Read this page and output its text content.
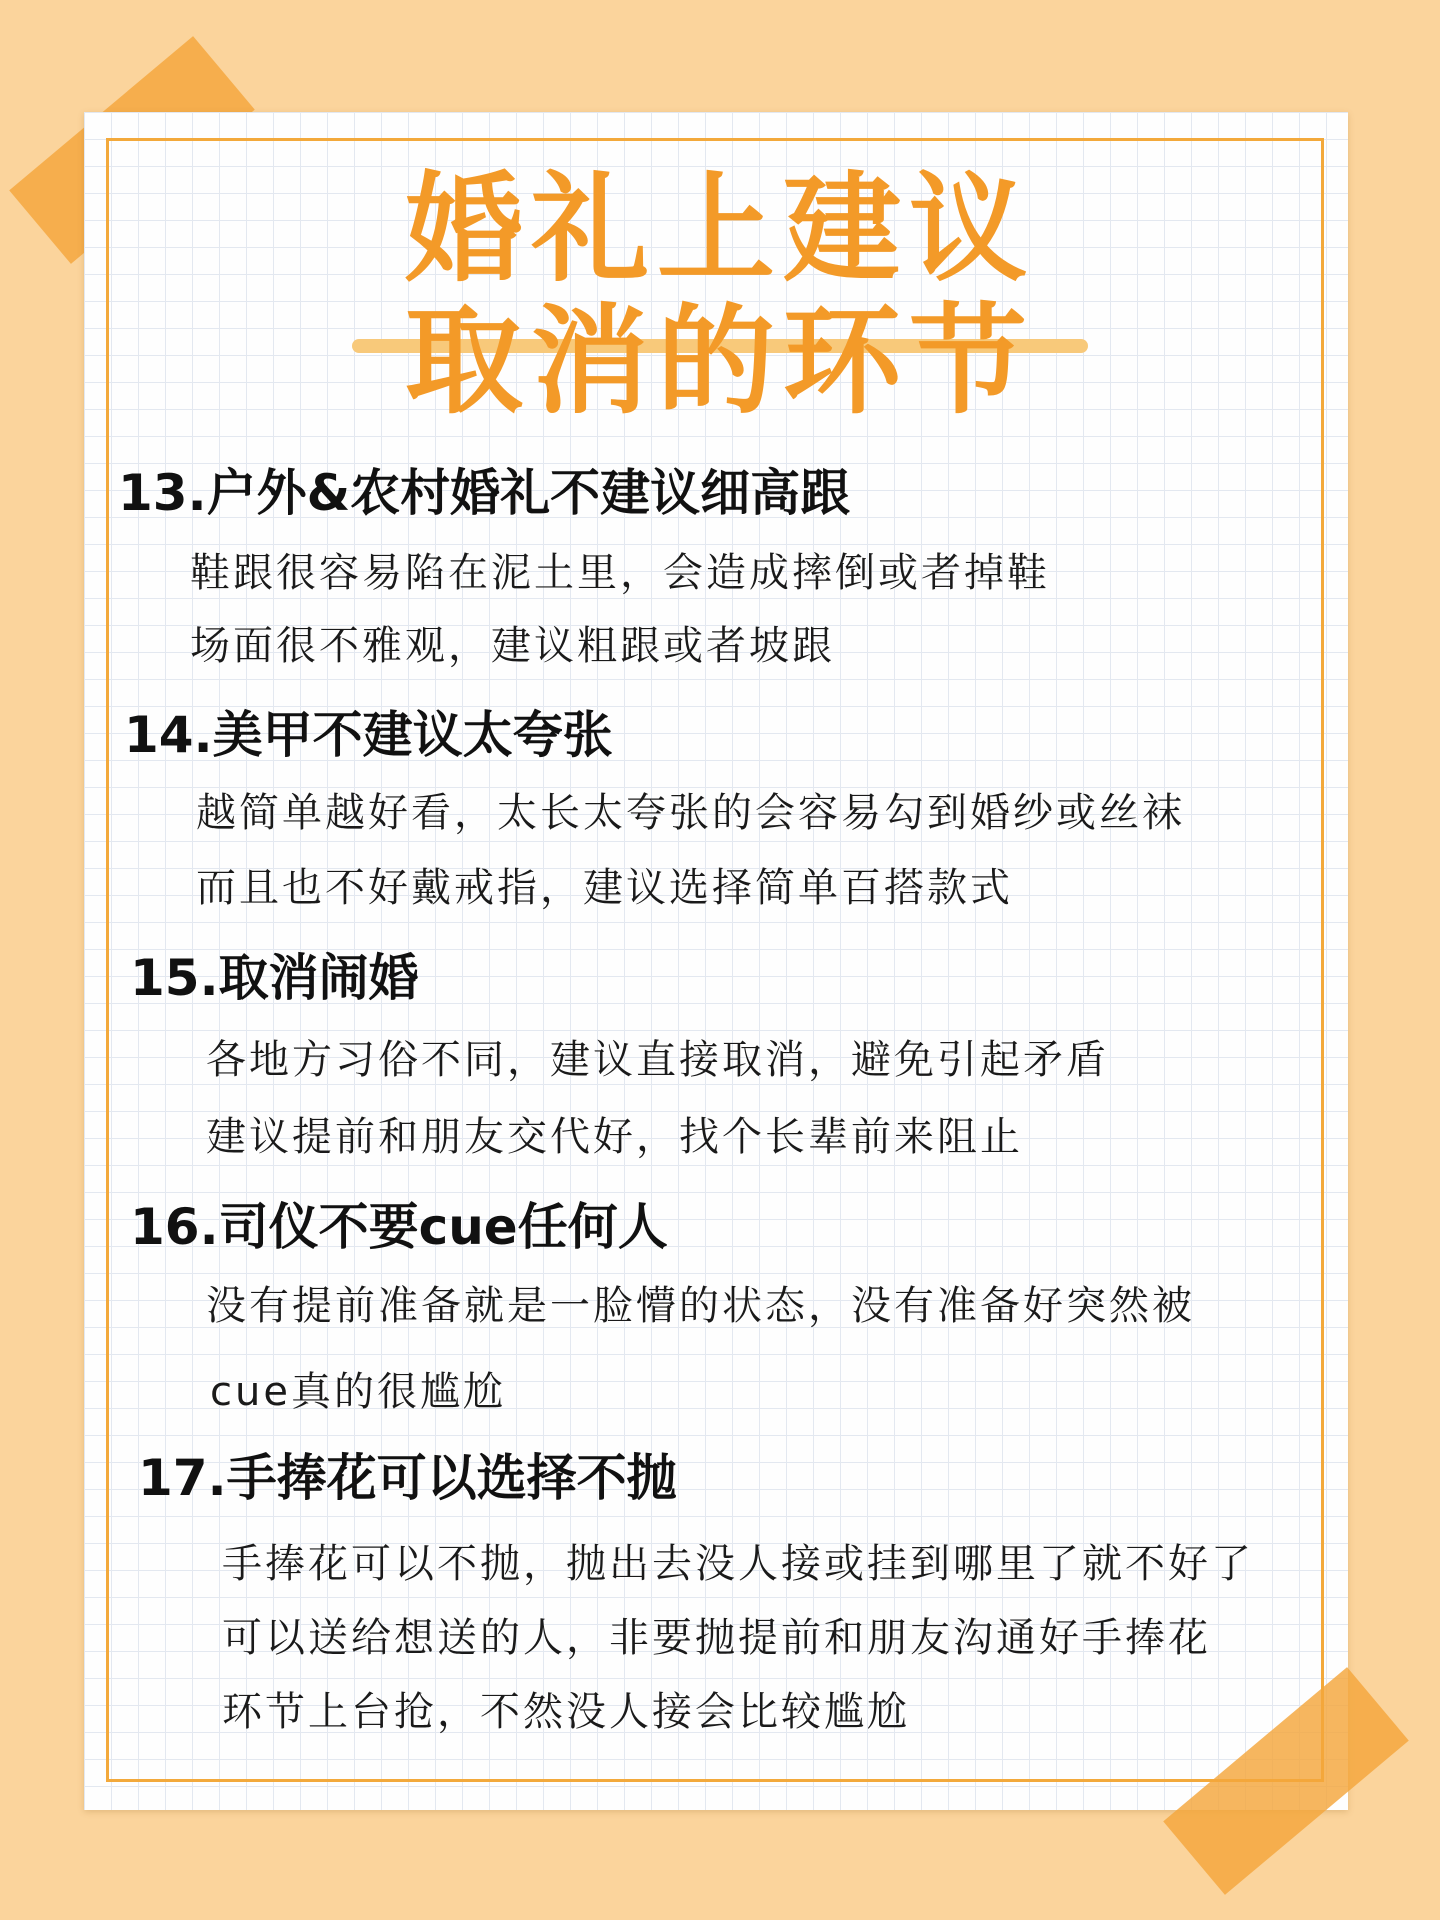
婚礼上建议
取消的环节
13.户外&农村婚礼不建议细高跟
鞋跟很容易陷在泥土里，会造成摔倒或者掉鞋
场面很不雅观，建议粗跟或者坡跟
14.美甲不建议太夸张
越简单越好看，太长太夸张的会容易勾到婚纱或丝袜
而且也不好戴戒指，建议选择简单百搭款式
15.取消闹婚
各地方习俗不同，建议直接取消，避免引起矛盾
建议提前和朋友交代好，找个长辈前来阻止
16.司仪不要cue任何人
没有提前准备就是一脸懵的状态，没有准备好突然被
cue真的很尴尬
17.手捧花可以选择不抛
手捧花可以不抛，抛出去没人接或挂到哪里了就不好了
可以送给想送的人，非要抛提前和朋友沟通好手捧花
环节上台抢，不然没人接会比较尴尬
